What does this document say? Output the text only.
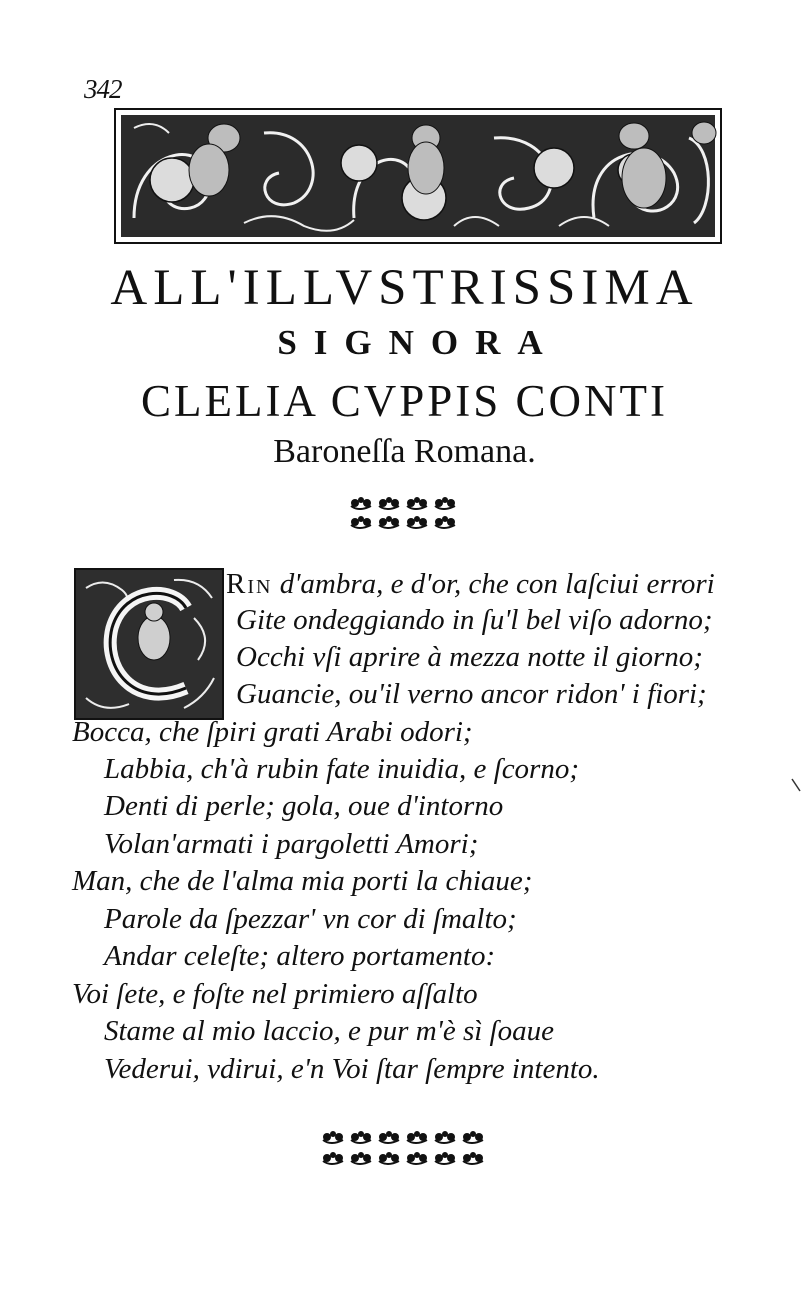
342
ALL'ILLVSTRISSIMA
SIGNORA
CLELIA CVPPIS CONTI
Baroneſſa Romana.
Rin d'ambra, e d'or, che con laſciui errori
Gite ondeggiando in ſu'l bel viſo adorno;
Occhi vſi aprire à mezza notte il giorno;
Guancie, ou'il verno ancor ridon' i fiori;
Bocca, che ſpiri grati Arabi odori;
Labbia, ch'à rubin fate inuidia, e ſcorno;
Denti di perle; gola, oue d'intorno
Volan'armati i pargoletti Amori;
Man, che de l'alma mia porti la chiaue;
Parole da ſpezzar' vn cor di ſmalto;
Andar celeſte; altero portamento:
Voi ſete, e foſte nel primiero aſſalto
Stame al mio laccio, e pur m'è sì ſoaue
Vederui, vdirui, e'n Voi ſtar ſempre intento.
